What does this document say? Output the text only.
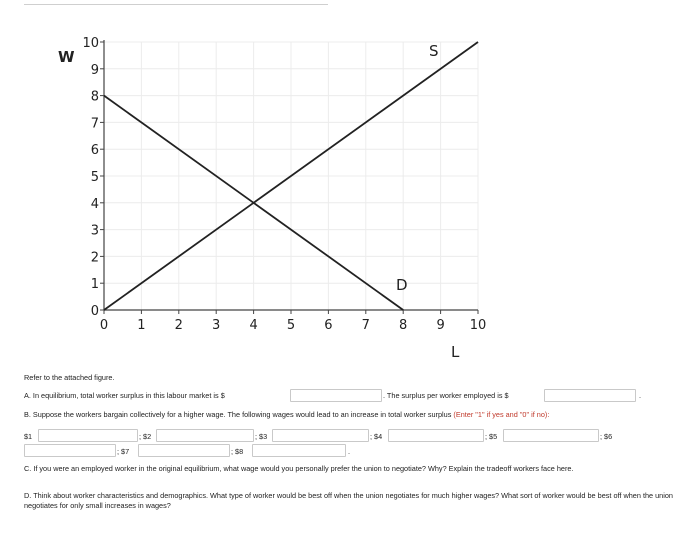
0
1
2
3
4
5
6
7
8
9
10
0 1 2 3 4 5 6 7 8 9 10
W
L
S
D
Refer to the attached figure.
A. In equilibrium, total worker surplus in this labour market is $	. The surplus per worker employed is $	.
B. Suppose the workers bargain collectively for a higher wage. The following wages would lead to an increase in total worker surplus (Enter "1" if yes and "0" if no):
$1	; $2	; $3	; $4	; $5	; $6
; $7	; $8	.
C. If you were an employed worker in the original equilibrium, what wage would you personally prefer the union to negotiate? Why? Explain the tradeoff workers face here.
D. Think about worker characteristics and demographics. What type of worker would be best off when the union negotiates for much higher wages? What sort of worker would be best off when the union negotiates for only small increases in wages?
